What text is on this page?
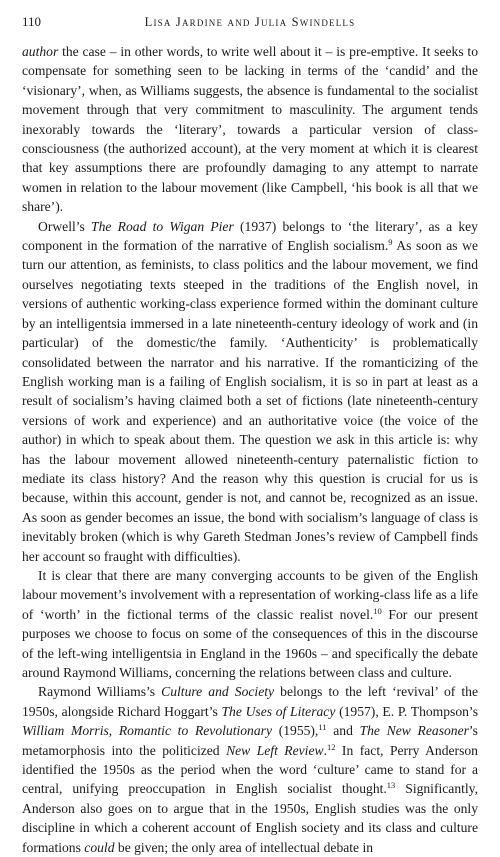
110	Lisa Jardine and Julia Swindells

author the case – in other words, to write well about it – is pre-emptive. It seeks to compensate for something seen to be lacking in terms of the ‘candid’ and the ‘visionary’, when, as Williams suggests, the absence is fundamental to the socialist movement through that very commitment to masculinity. The argument tends inexorably towards the ‘literary’, towards a particular version of class-consciousness (the authorized account), at the very moment at which it is clearest that key assumptions there are profoundly damaging to any attempt to narrate women in relation to the labour movement (like Campbell, ‘his book is all that we share’).

Orwell’s The Road to Wigan Pier (1937) belongs to ‘the literary’, as a key component in the formation of the narrative of English socialism.$^9$ As soon as we turn our attention, as feminists, to class politics and the labour movement, we find ourselves negotiating texts steeped in the traditions of the English novel, in versions of authentic working-class experience formed within the dominant culture by an intelligentsia immersed in a late nineteenth-century ideology of work and (in particular) of the domestic/the family. ‘Authenticity’ is problematically consolidated between the narrator and his narrative. If the romanticizing of the English working man is a failing of English socialism, it is so in part at least as a result of socialism’s having claimed both a set of fictions (late nineteenth-century versions of work and experience) and an authoritative voice (the voice of the author) in which to speak about them. The question we ask in this article is: why has the labour movement allowed nineteenth-century paternalistic fiction to mediate its class history? And the reason why this question is crucial for us is because, within this account, gender is not, and cannot be, recognized as an issue. As soon as gender becomes an issue, the bond with socialism’s language of class is inevitably broken (which is why Gareth Stedman Jones’s review of Campbell finds her account so fraught with difficulties).

It is clear that there are many converging accounts to be given of the English labour movement’s involvement with a representation of working-class life as a life of ‘worth’ in the fictional terms of the classic realist novel.$^{10}$ For our present purposes we choose to focus on some of the consequences of this in the discourse of the left-wing intelligentsia in England in the 1960s – and specifically the debate around Raymond Williams, concerning the relations between class and culture.

Raymond Williams’s Culture and Society belongs to the left ‘revival’ of the 1950s, alongside Richard Hoggart’s The Uses of Literacy (1957), E. P. Thompson’s William Morris, Romantic to Revolutionary (1955),$^{11}$ and The New Reasoner’s metamorphosis into the politicized New Left Review.$^{12}$ In fact, Perry Anderson identified the 1950s as the period when the word ‘culture’ came to stand for a central, unifying preoccupation in English socialist thought.$^{13}$ Significantly, Anderson also goes on to argue that in the 1950s, English studies was the only discipline in which a coherent account of English society and its class and culture formations could be given; the only area of intellectual debate in
